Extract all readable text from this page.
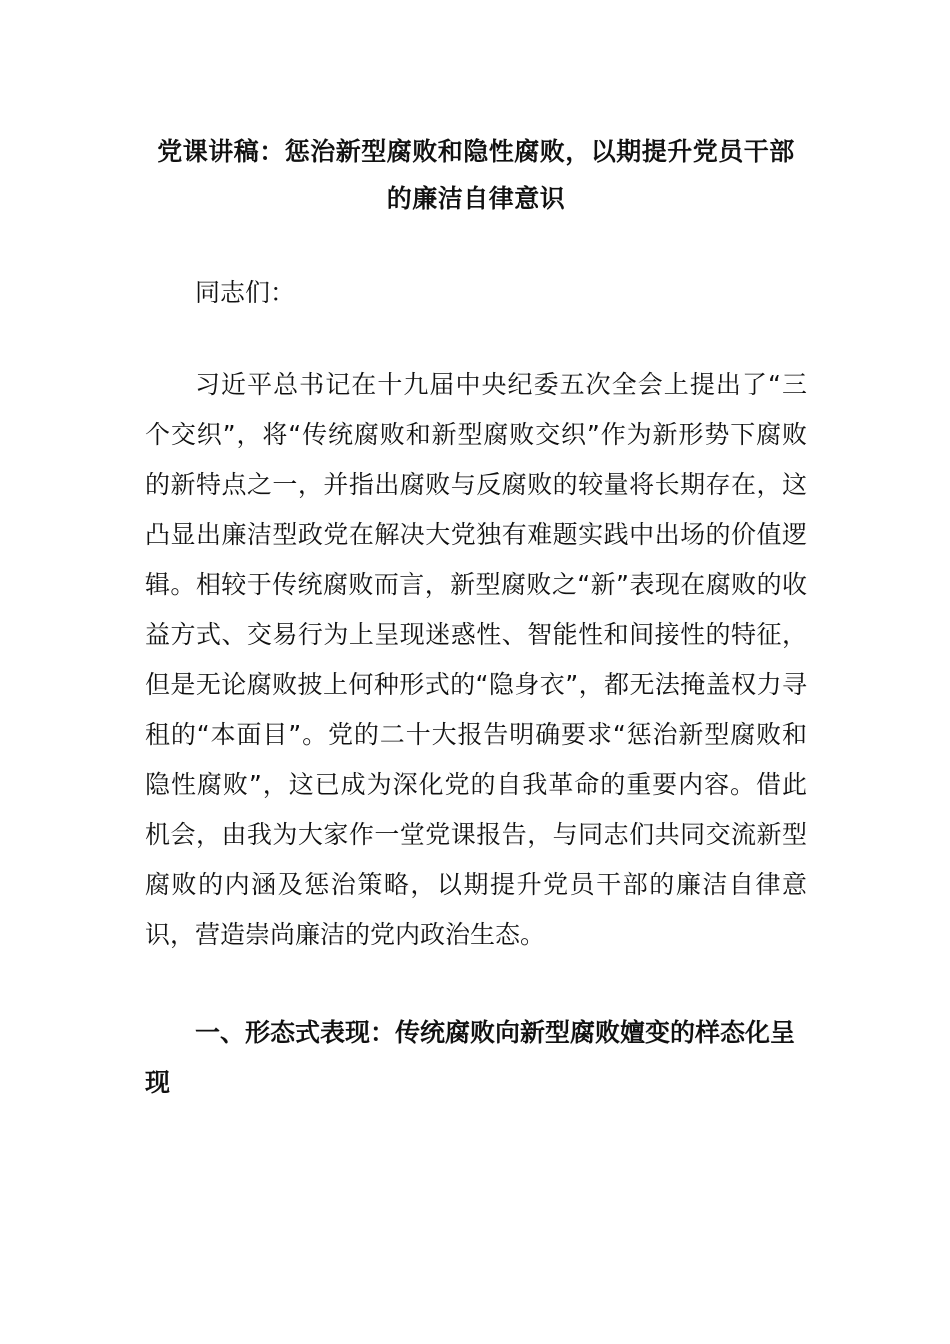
党课讲稿：惩治新型腐败和隐性腐败，以期提升党员干部
的廉洁自律意识

同志们：

习近平总书记在十九届中央纪委五次全会上提出了“三个交织”，将“传统腐败和新型腐败交织”作为新形势下腐败的新特点之一，并指出腐败与反腐败的较量将长期存在，这凸显出廉洁型政党在解决大党独有难题实践中出场的价值逻辑。相较于传统腐败而言，新型腐败之“新”表现在腐败的收益方式、交易行为上呈现迷惑性、智能性和间接性的特征，但是无论腐败披上何种形式的“隐身衣”，都无法掩盖权力寻租的“本面目”。党的二十大报告明确要求“惩治新型腐败和隐性腐败”，这已成为深化党的自我革命的重要内容。借此机会，由我为大家作一堂党课报告，与同志们共同交流新型腐败的内涵及惩治策略，以期提升党员干部的廉洁自律意识，营造崇尚廉洁的党内政治生态。

一、形态式表现：传统腐败向新型腐败嬗变的样态化呈现
